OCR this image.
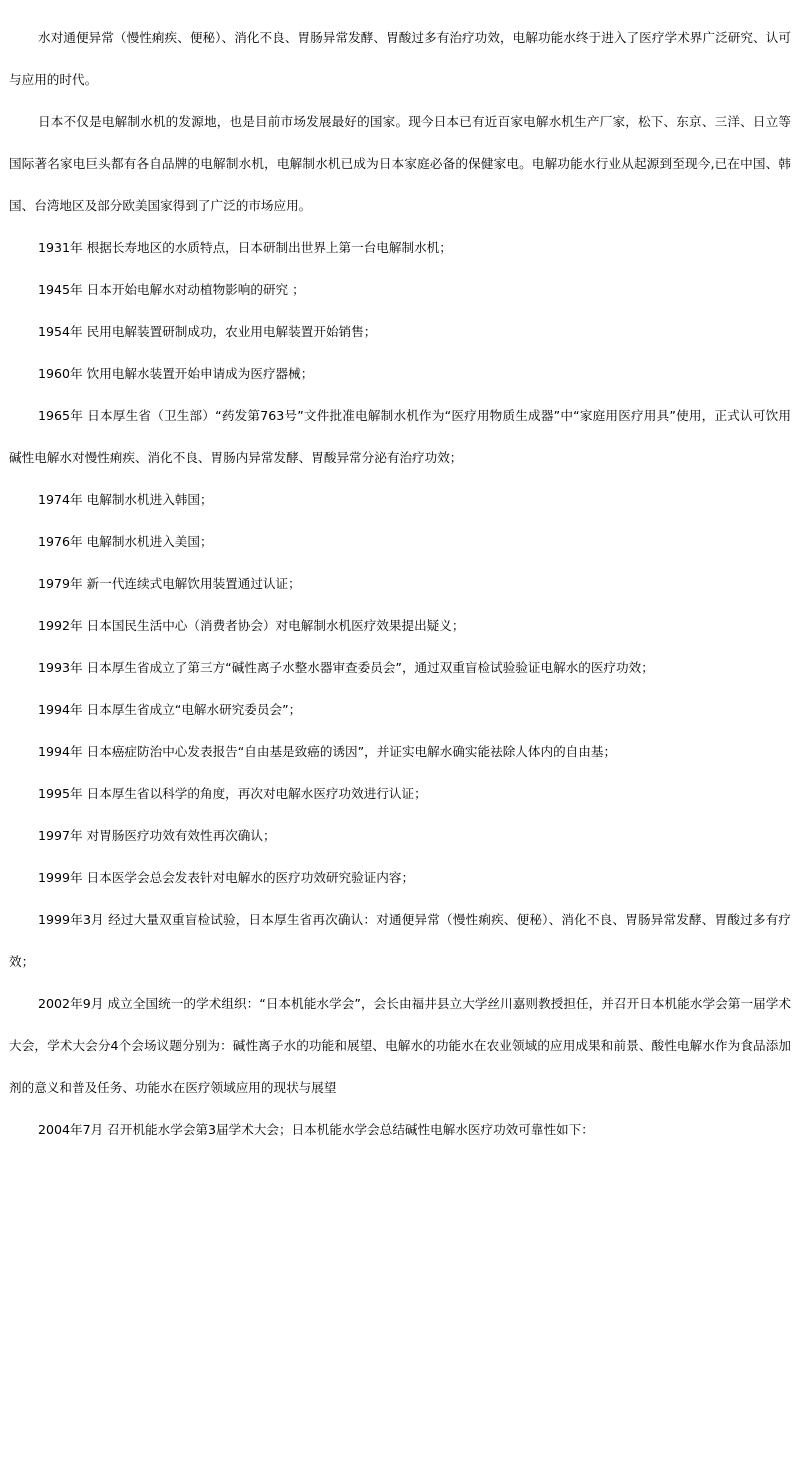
水对通便异常（慢性痢疾、便秘）、消化不良、胃肠异常发酵、胃酸过多有治疗功效，电解功能水终于进入了医疗学术界广泛研究、认可与应用的时代。

日本不仅是电解制水机的发源地，也是目前市场发展最好的国家。现今日本已有近百家电解水机生产厂家，松下、东京、三洋、日立等国际著名家电巨头都有各自品牌的电解制水机，电解制水机已成为日本家庭必备的保健家电。电解功能水行业从起源到至现今,已在中国、韩国、台湾地区及部分欧美国家得到了广泛的市场应用。

1931年 根据长寿地区的水质特点，日本研制出世界上第一台电解制水机；

1945年 日本开始电解水对动植物影响的研究 ；

1954年 民用电解装置研制成功，农业用电解装置开始销售；

1960年 饮用电解水装置开始申请成为医疗器械；

1965年 日本厚生省（卫生部）“药发第763号”文件批准电解制水机作为“医疗用物质生成器”中“家庭用医疗用具”使用，正式认可饮用碱性电解水对慢性痢疾、消化不良、胃肠内异常发酵、胃酸异常分泌有治疗功效；

1974年 电解制水机进入韩国；

1976年 电解制水机进入美国；

1979年 新一代连续式电解饮用装置通过认证；

1992年 日本国民生活中心（消费者协会）对电解制水机医疗效果提出疑义；

1993年 日本厚生省成立了第三方“碱性离子水整水器审查委员会”，通过双重盲检试验验证电解水的医疗功效；

1994年 日本厚生省成立“电解水研究委员会”；

1994年 日本癌症防治中心发表报告“自由基是致癌的诱因”，并证实电解水确实能祛除人体内的自由基；

1995年 日本厚生省以科学的角度，再次对电解水医疗功效进行认证；

1997年 对胃肠医疗功效有效性再次确认；

1999年 日本医学会总会发表针对电解水的医疗功效研究验证内容；

1999年3月 经过大量双重盲检试验，日本厚生省再次确认：对通便异常（慢性痢疾、便秘）、消化不良、胃肠异常发酵、胃酸过多有疗效；

2002年9月 成立全国统一的学术组织：“日本机能水学会”，会长由福井县立大学丝川嘉则教授担任，并召开日本机能水学会第一届学术大会，学术大会分4个会场议题分别为：碱性离子水的功能和展望、电解水的功能水在农业领域的应用成果和前景、酸性电解水作为食品添加剂的意义和普及任务、功能水在医疗领域应用的现状与展望

2004年7月 召开机能水学会第3届学术大会；日本机能水学会总结碱性电解水医疗功效可靠性如下：
